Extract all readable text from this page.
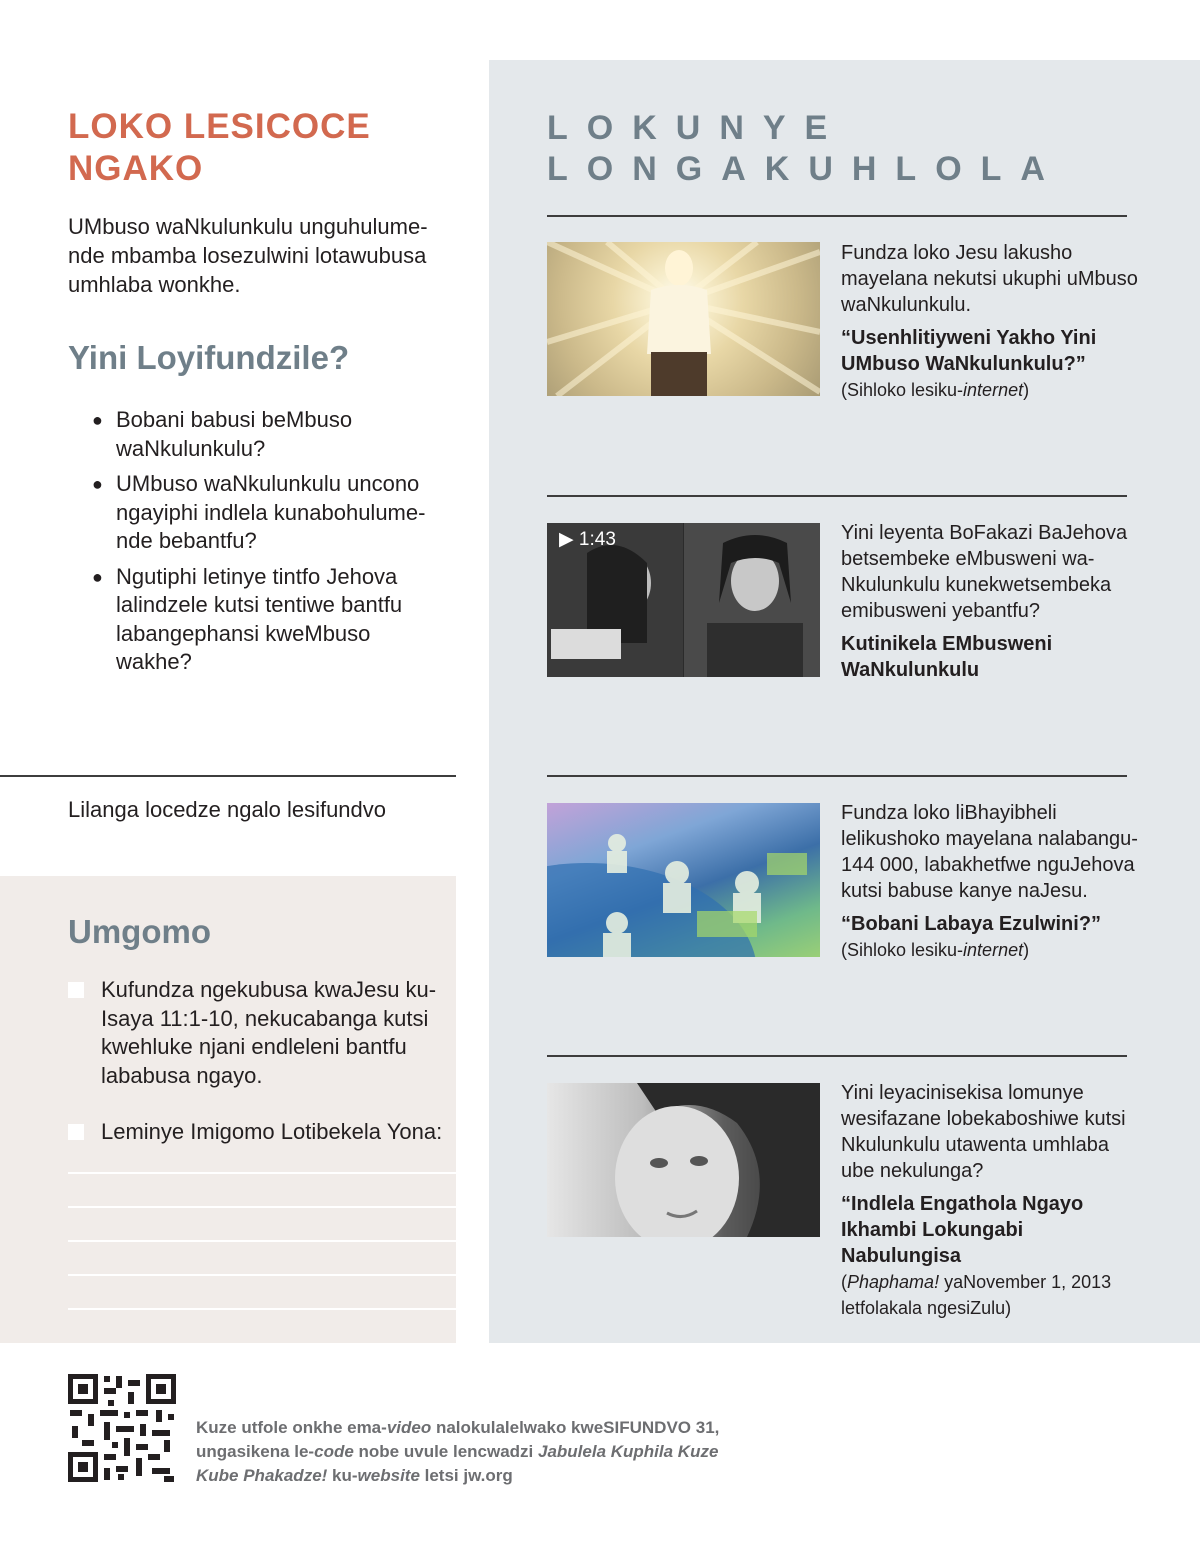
LOKO LESICOCE NGAKO

UMbuso waNkulunkulu unguhulumende mbamba losezulwini lotawubusa umhlaba wonkhe.

Yini Loyifundzile?
● Bobani babusi beMbuso waNkulunkulu?
● UMbuso waNkulunkulu uncono ngayiphi indlela kunabohulumende bebantfu?
● Ngutiphi letinye tintfo Jehova lalindzele kutsi tentiwe bantfu labangephansi kweMbuso wakhe?

Lilanga locedze ngalo lesifundvo

Umgomo
Kufundza ngekubusa kwaJesu ku-Isaya 11:1-10, nekucabanga kutsi kwehluke njani endleleni bantfu lababusa ngayo.
Leminye Imigomo Lotibekela Yona:
LOKUNYE LONGAKUHLOLA

Fundza loko Jesu lakusho mayelana nekutsi ukuphi uMbuso waNkulunkulu.

“Usenhlitiyweni Yakho Yini UMbuso WaNkulunkulu?”

(Sihloko lesiku-internet)

▶ 1:43	Yini leyenta BoFakazi BaJehova betsembeke eMbusweni waNkulunkulu kunekwetsembeka emibusweni yebantfu?

Kutinikela EMbusweni WaNkulunkulu

Fundza loko liBhayibheli lelikushoko mayelana nalabangu-144 000, labakhetfwe nguJehova kutsi babuse kanye naJesu.

“Bobani Labaya Ezulwini?”

(Sihloko lesiku-internet)

Yini leyacinisekisa lomunye wesifazane lobekaboshiwe kutsi Nkulunkulu utawenta umhlaba ube nekulunga?

“Indlela Engathola Ngayo Ikhambi Lokungabi Nabulungisa

(Phaphama! yaNovember 1, 2013 letfolakala ngesiZulu)

Kuze utfole onkhe ema-video nalokulalelwako kweSIFUNDVO 31, ungasikena le-code nobe uvule lencwadzi Jabulela Kuphila Kuze Kube Phakadze! ku-website letsi jw.org
